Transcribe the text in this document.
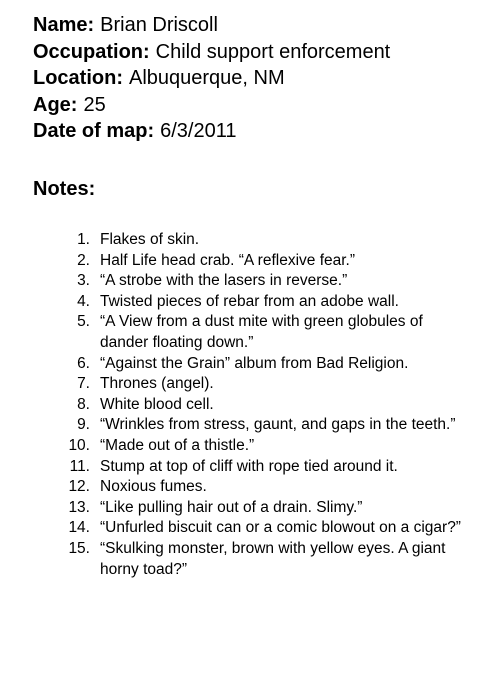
Name: Brian Driscoll
Occupation: Child support enforcement
Location: Albuquerque, NM
Age: 25
Date of map: 6/3/2011
Notes:
1. Flakes of skin.
2. Half Life head crab. “A reflexive fear.”
3. “A strobe with the lasers in reverse.”
4. Twisted pieces of rebar from an adobe wall.
5. “A View from a dust mite with green globules of dander floating down.”
6. “Against the Grain” album from Bad Religion.
7. Thrones (angel).
8. White blood cell.
9. “Wrinkles from stress, gaunt, and gaps in the teeth.”
10. “Made out of a thistle.”
11. Stump at top of cliff with rope tied around it.
12. Noxious fumes.
13. “Like pulling hair out of a drain. Slimy.”
14. “Unfurled biscuit can or a comic blowout on a cigar?”
15. “Skulking monster, brown with yellow eyes. A giant horny toad?”
